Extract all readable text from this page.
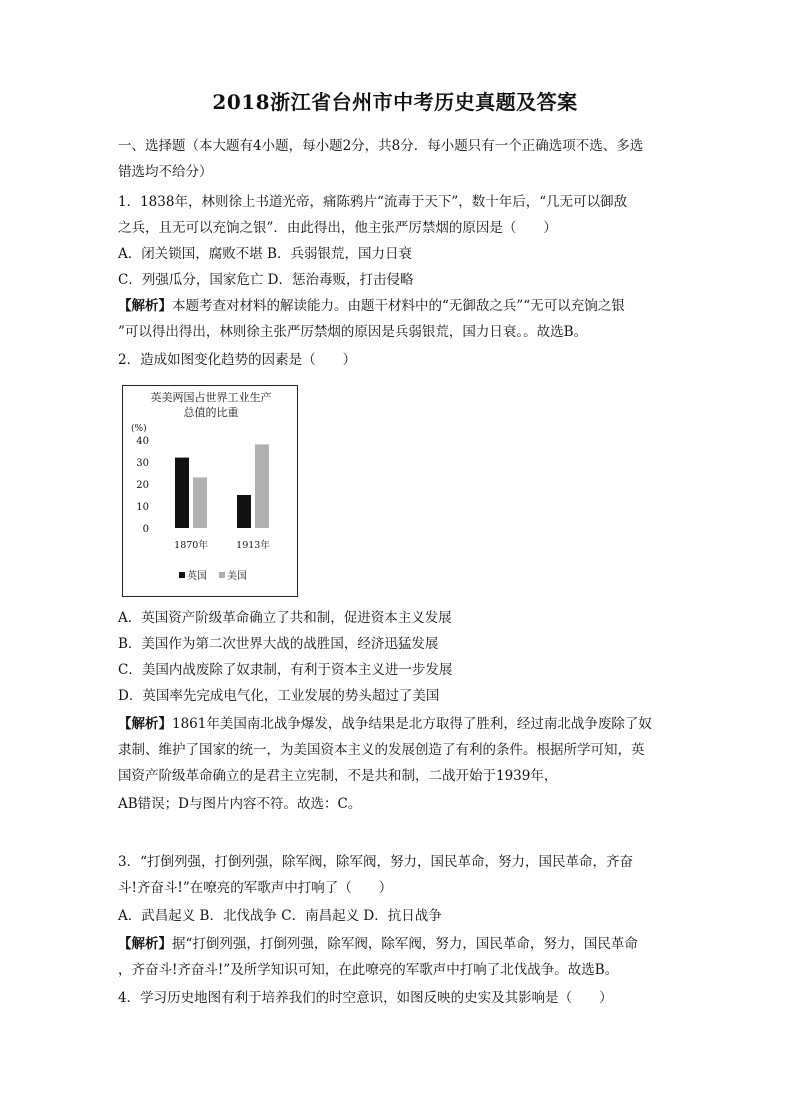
2018浙江省台州市中考历史真题及答案
一、选择题（本大题有4小题，每小题2分，共8分．每小题只有一个正确选项不选、多选
错选均不给分）
1．1838年，林则徐上书道光帝，痛陈鸦片“流毒于天下”，数十年后，“几无可以御敌
之兵，且无可以充饷之银”．由此得出，他主张严厉禁烟的原因是（　　）
A．闭关锁国，腐败不堪 B．兵弱银荒，国力日衰
C．列强瓜分，国家危亡 D．惩治毒贩，打击侵略
【解析】本题考查对材料的解读能力。由题干材料中的“无御敌之兵”“无可以充饷之银
”可以得出得出，林则徐主张严厉禁烟的原因是兵弱银荒，国力日衰。。故选B。
2．造成如图变化趋势的因素是（　　）
英美两国占世界工业生产
总值的比重
(%)
0
10
20
30
40
1870年	1913年
英国 美国
A．英国资产阶级革命确立了共和制，促进资本主义发展
B．美国作为第二次世界大战的战胜国，经济迅猛发展
C．美国内战废除了奴隶制，有利于资本主义进一步发展
D．英国率先完成电气化，工业发展的势头超过了美国
【解析】1861年美国南北战争爆发，战争结果是北方取得了胜利，经过南北战争废除了奴
隶制、维护了国家的统一，为美国资本主义的发展创造了有利的条件。根据所学可知，英
国资产阶级革命确立的是君主立宪制，不是共和制，二战开始于1939年，
AB错误；D与图片内容不符。故选：C。
3．“打倒列强，打倒列强，除军阀，除军阀，努力，国民革命，努力，国民革命，齐奋
斗!齐奋斗!”在嘹亮的军歌声中打响了（　　）
A．武昌起义 B．北伐战争 C．南昌起义 D．抗日战争
【解析】据“打倒列强，打倒列强，除军阀，除军阀，努力，国民革命，努力，国民革命
，齐奋斗!齐奋斗!”及所学知识可知，在此嘹亮的军歌声中打响了北伐战争。故选B。
4．学习历史地图有利于培养我们的时空意识，如图反映的史实及其影响是（　　）
